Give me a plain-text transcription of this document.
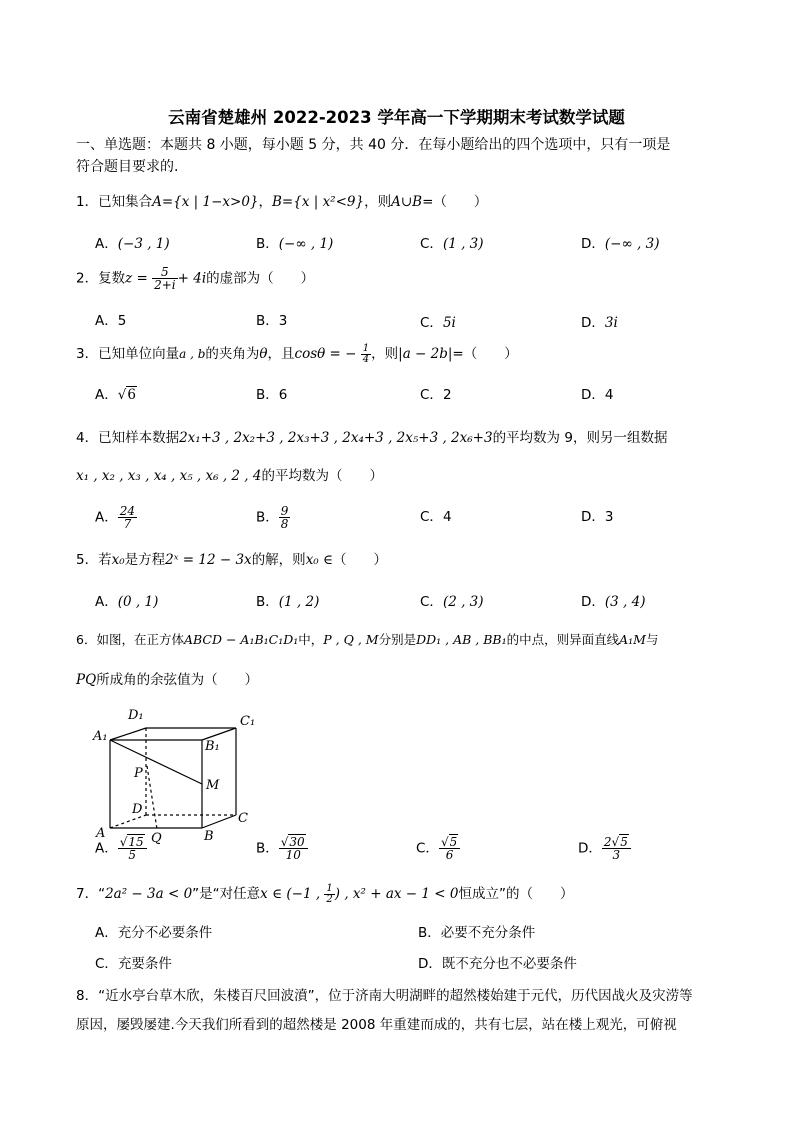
云南省楚雄州 2022-2023 学年高一下学期期末考试数学试题
一、单选题：本题共 8 小题，每小题 5 分，共 40 分．在每小题给出的四个选项中，只有一项是
符合题目要求的.
1．已知集合A={x | 1−x>0}，B={x | x²<9}，则A∪B=（　　）
A．(−3 , 1)	B．(−∞ , 1)	C．(1 , 3)	D．(−∞ , 3)
2．复数$z = \frac{5}{2+i} + 4i$的虚部为（　　）
A．5	B．3	C．5i	D．3i
3．已知单位向量a , b的夹角为θ，且cosθ = − $\frac{1}{4}$ ，则|a − 2b|=（　　）
A．√6	B．6	C．2	D．4
4．已知样本数据2x₁+3 , 2x₂+3 , 2x₃+3 , 2x₄+3 , 2x₅+3 , 2x₆+3的平均数为 9，则另一组数据
x₁ , x₂ , x₃ , x₄ , x₅ , x₆ , 2 , 4的平均数为（　　）
A． $\frac{24}{7}$	B． $\frac{9}{8}$	C．4	D．3
5．若x₀是方程2ˣ = 12 − 3x的解，则x₀ ∈（　　）
A．(0 , 1)	B．(1 , 2)	C．(2 , 3)	D．(3 , 4)
6．如图，在正方体ABCD − A₁B₁C₁D₁中，P , Q , M分别是DD₁ , AB , BB₁的中点，则异面直线A₁M与
PQ所成角的余弦值为（　　）
D₁	C₁
A₁
B₁
P
M
D
C
A	Q	B
A． $\frac{√15}{5}$	B． $\frac{√30}{10}$	C． $\frac{√5}{6}$	D． $\frac{2√5}{3}$
7．“2a² − 3a < 0”是“对任意x ∈ (−1 , $\frac{1}{2}$ ) , x² + ax − 1 < 0恒成立”的（　　）
A．充分不必要条件	B．必要不充分条件
C．充要条件	D．既不充分也不必要条件
8．“近水亭台草木欣，朱楼百尺回波濆”，位于济南大明湖畔的超然楼始建于元代，历代因战火及灾涝等
原因，屡毁屡建.今天我们所看到的超然楼是 2008 年重建而成的，共有七层，站在楼上观光，可俯视
